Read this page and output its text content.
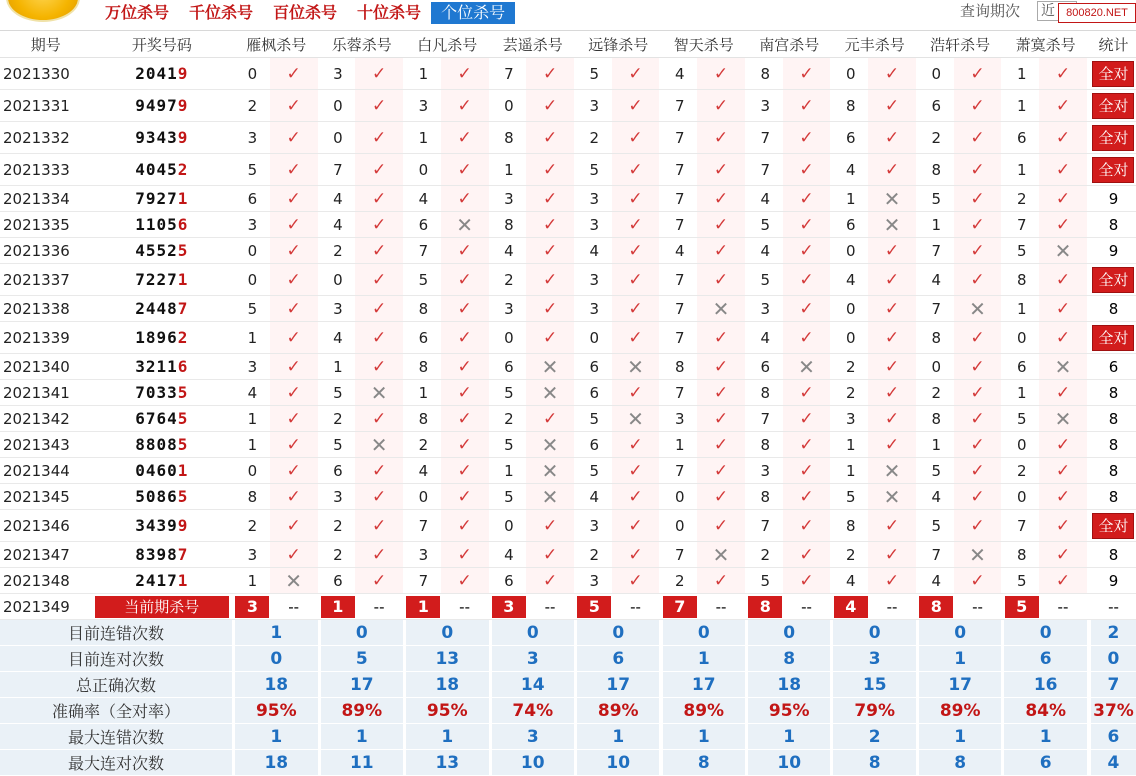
万位杀号	千位杀号	百位杀号	十位杀号	个位杀号	查询期次 近	800820.NET
期号	开奖号码		雁枫杀号			乐蓉杀号			白凡杀号			芸遥杀号			远锋杀号			智天杀号			南宫杀号			元丰杀号			浩轩杀号			萧寞杀号			统计
2021330	20419		0	✓		3	✓		1	✓		7	✓		5	✓		4	✓		8	✓		0	✓		0	✓		1	✓		全对
2021331	94979		2	✓		0	✓		3	✓		0	✓		3	✓		7	✓		3	✓		8	✓		6	✓		1	✓		全对
2021332	93439		3	✓		0	✓		1	✓		8	✓		2	✓		7	✓		7	✓		6	✓		2	✓		6	✓		全对
2021333	40452		5	✓		7	✓		0	✓		1	✓		5	✓		7	✓		7	✓		4	✓		8	✓		1	✓		全对
2021334	79271		6	✓		4	✓		4	✓		3	✓		3	✓		7	✓		4	✓		1	✕		5	✓		2	✓		9
2021335	11056		3	✓		4	✓		6	✕		8	✓		3	✓		7	✓		5	✓		6	✕		1	✓		7	✓		8
2021336	45525		0	✓		2	✓		7	✓		4	✓		4	✓		4	✓		4	✓		0	✓		7	✓		5	✕		9
2021337	72271		0	✓		0	✓		5	✓		2	✓		3	✓		7	✓		5	✓		4	✓		4	✓		8	✓		全对
2021338	24487		5	✓		3	✓		8	✓		3	✓		3	✓		7	✕		3	✓		0	✓		7	✕		1	✓		8
2021339	18962		1	✓		4	✓		6	✓		0	✓		0	✓		7	✓		4	✓		0	✓		8	✓		0	✓		全对
2021340	32116		3	✓		1	✓		8	✓		6	✕		6	✕		8	✓		6	✕		2	✓		0	✓		6	✕		6
2021341	70335		4	✓		5	✕		1	✓		5	✕		6	✓		7	✓		8	✓		2	✓		2	✓		1	✓		8
2021342	67645		1	✓		2	✓		8	✓		2	✓		5	✕		3	✓		7	✓		3	✓		8	✓		5	✕		8
2021343	88085		1	✓		5	✕		2	✓		5	✕		6	✓		1	✓		8	✓		1	✓		1	✓		0	✓		8
2021344	04601		0	✓		6	✓		4	✓		1	✕		5	✓		7	✓		3	✓		1	✕		5	✓		2	✓		8
2021345	50865		8	✓		3	✓		0	✓		5	✕		4	✓		0	✓		8	✓		5	✕		4	✓		0	✓		8
2021346	34399		2	✓		2	✓		7	✓		0	✓		3	✓		0	✓		7	✓		8	✓		5	✓		7	✓		全对
2021347	83987		3	✓		2	✓		3	✓		4	✓		2	✓		7	✕		2	✓		2	✓		7	✕		8	✓		8
2021348	24171		1	✕		6	✓		7	✓		6	✓		3	✓		2	✓		5	✓		4	✓		4	✓		5	✓		9
2021349	当前期杀号		3	--		1	--		1	--		3	--		5	--		7	--		8	--		4	--		8	--		5	--		--
目前连错次数			1			0			0			0			0			0			0			0			0			0			2
目前连对次数			0			5			13			3			6			1			8			3			1			6			0
总正确次数			18			17			18			14			17			17			18			15			17			16			7
准确率（全对率）			95%			89%			95%			74%			89%			89%			95%			79%			89%			84%			37%
最大连错次数			1			1			1			3			1			1			1			2			1			1			6
最大连对次数			18			11			13			10			10			8			10			8			8			6			4
